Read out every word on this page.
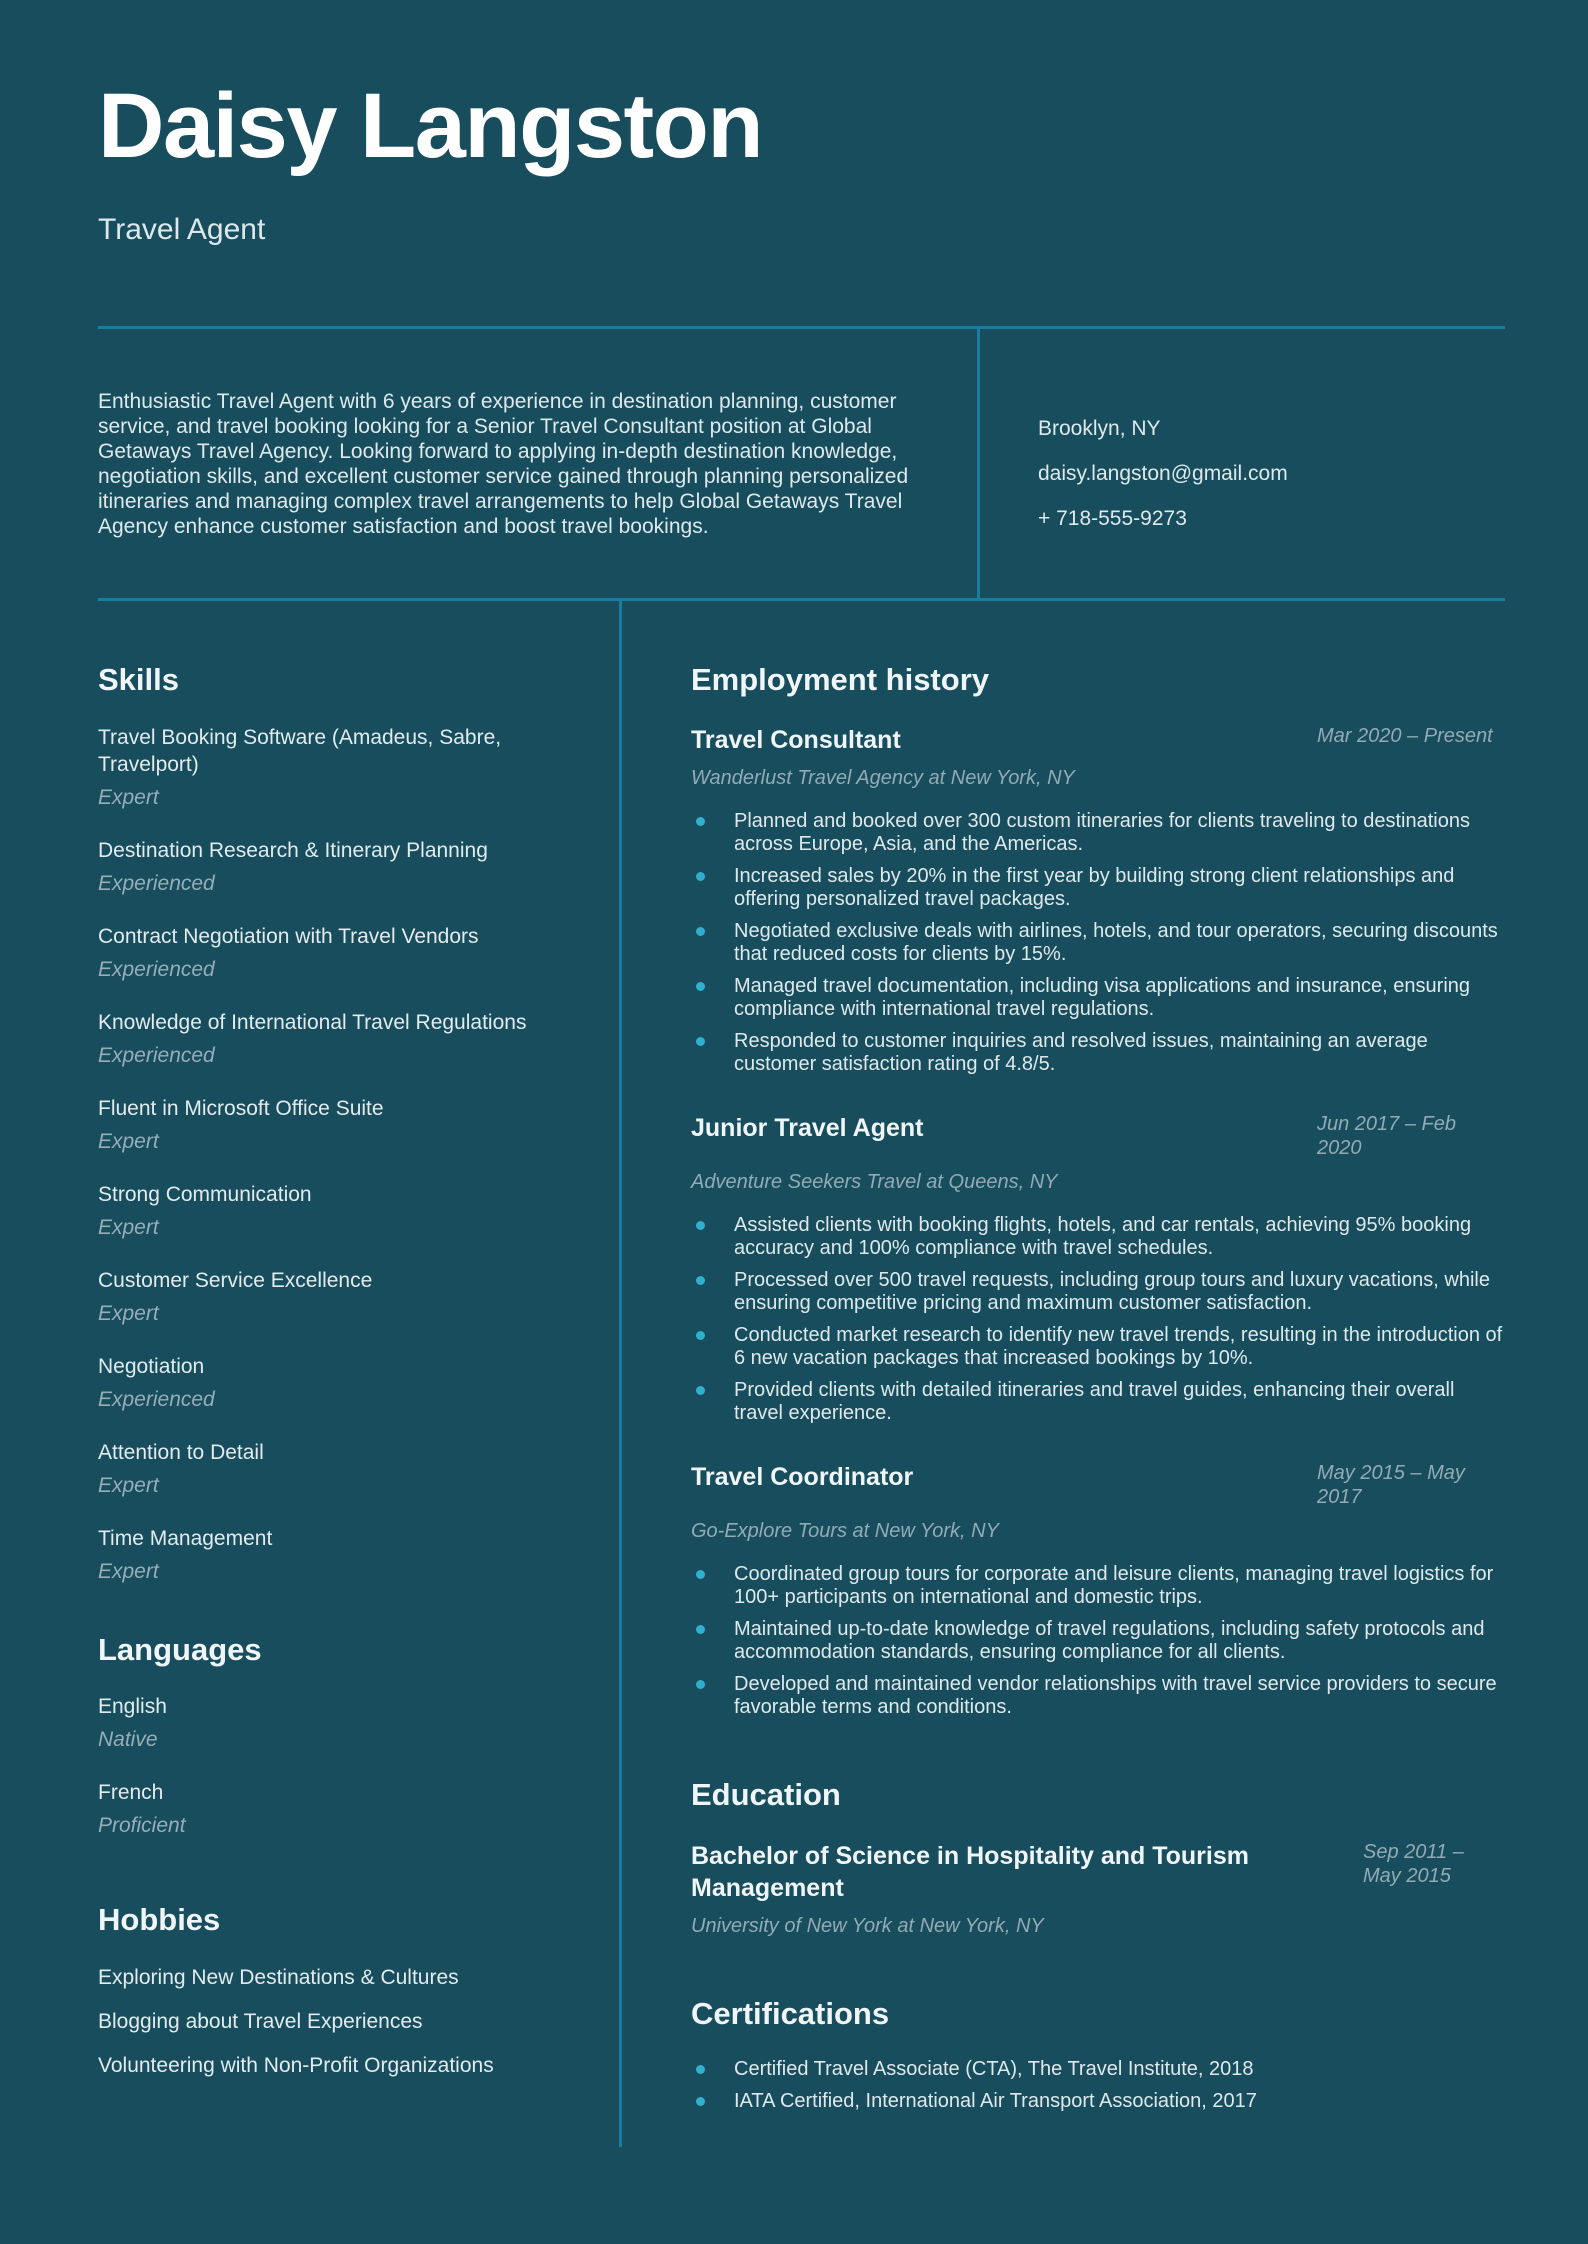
Daisy Langston
Travel Agent

Enthusiastic Travel Agent with 6 years of experience in destination planning, customer service, and travel booking looking for a Senior Travel Consultant position at Global Getaways Travel Agency. Looking forward to applying in-depth destination knowledge, negotiation skills, and excellent customer service gained through planning personalized itineraries and managing complex travel arrangements to help Global Getaways Travel Agency enhance customer satisfaction and boost travel bookings.

Brooklyn, NY
daisy.langston@gmail.com
+ 718-555-9273
Skills
Travel Booking Software (Amadeus, Sabre, Travelport)
Expert
Destination Research & Itinerary Planning
Experienced
Contract Negotiation with Travel Vendors
Experienced
Knowledge of International Travel Regulations
Experienced
Fluent in Microsoft Office Suite
Expert
Strong Communication
Expert
Customer Service Excellence
Expert
Negotiation
Experienced
Attention to Detail
Expert
Time Management
Expert
Languages
English
Native
French
Proficient
Hobbies
Exploring New Destinations & Cultures
Blogging about Travel Experiences
Volunteering with Non-Profit Organizations
Employment history
Travel Consultant	Mar 2020 – Present
Wanderlust Travel Agency at New York, NY
Planned and booked over 300 custom itineraries for clients traveling to destinations across Europe, Asia, and the Americas.
Increased sales by 20% in the first year by building strong client relationships and offering personalized travel packages.
Negotiated exclusive deals with airlines, hotels, and tour operators, securing discounts that reduced costs for clients by 15%.
Managed travel documentation, including visa applications and insurance, ensuring compliance with international travel regulations.
Responded to customer inquiries and resolved issues, maintaining an average customer satisfaction rating of 4.8/5.
Junior Travel Agent	Jun 2017 – Feb 2020
Adventure Seekers Travel at Queens, NY
Assisted clients with booking flights, hotels, and car rentals, achieving 95% booking accuracy and 100% compliance with travel schedules.
Processed over 500 travel requests, including group tours and luxury vacations, while ensuring competitive pricing and maximum customer satisfaction.
Conducted market research to identify new travel trends, resulting in the introduction of 6 new vacation packages that increased bookings by 10%.
Provided clients with detailed itineraries and travel guides, enhancing their overall travel experience.
Travel Coordinator	May 2015 – May 2017
Go-Explore Tours at New York, NY
Coordinated group tours for corporate and leisure clients, managing travel logistics for 100+ participants on international and domestic trips.
Maintained up-to-date knowledge of travel regulations, including safety protocols and accommodation standards, ensuring compliance for all clients.
Developed and maintained vendor relationships with travel service providers to secure favorable terms and conditions.
Education
Bachelor of Science in Hospitality and Tourism Management
Sep 2011 – May 2015
University of New York at New York, NY
Certifications
Certified Travel Associate (CTA), The Travel Institute, 2018
IATA Certified, International Air Transport Association, 2017
